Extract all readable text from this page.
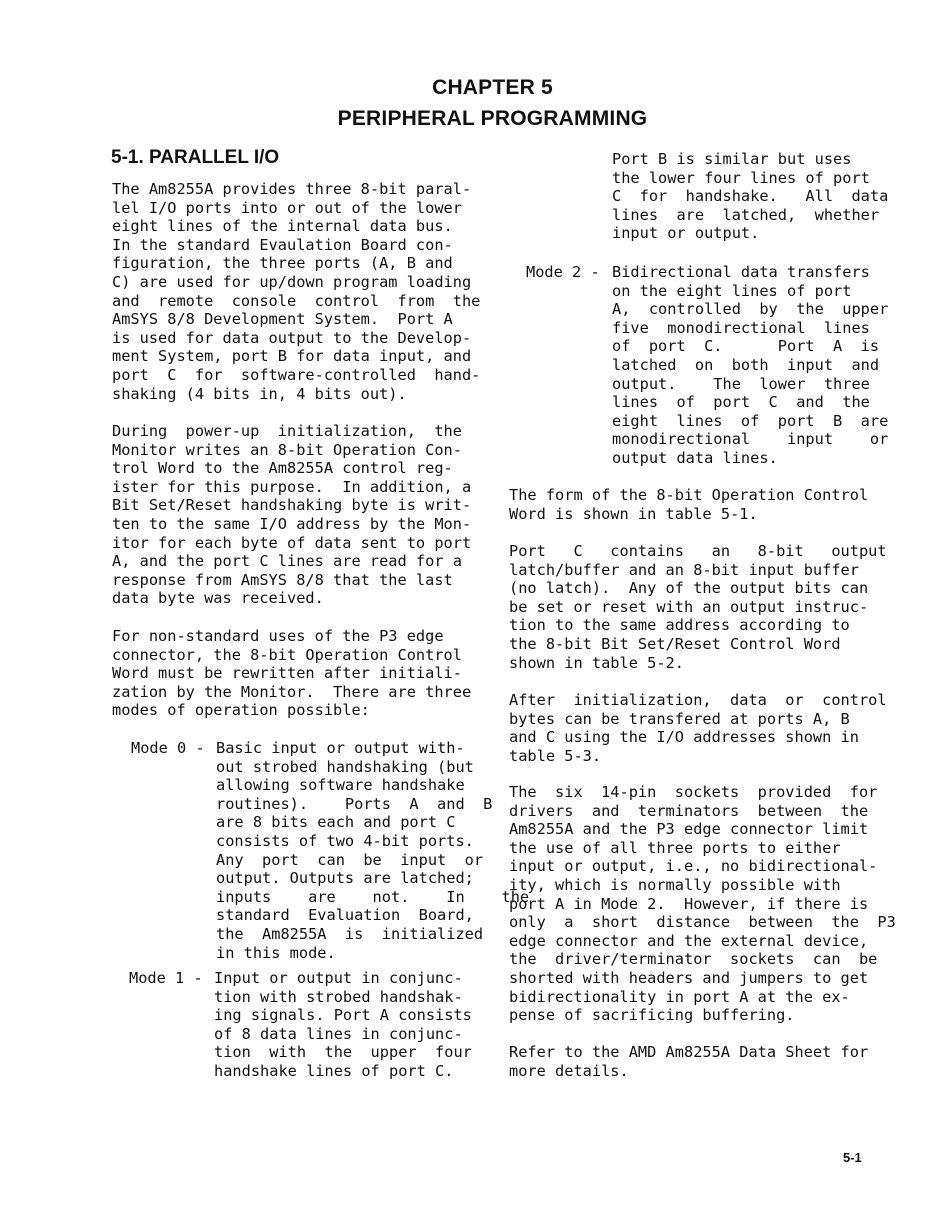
CHAPTER 5
PERIPHERAL PROGRAMMING
5-1. PARALLEL I/O
The Am8255A provides three 8-bit paral-
lel I/O ports into or out of the lower
eight lines of the internal data bus.
In the standard Evaulation Board con-
figuration, the three ports (A, B and
C) are used for up/down program loading
and  remote  console  control  from  the
AmSYS 8/8 Development System.  Port A
is used for data output to the Develop-
ment System, port B for data input, and
port  C  for  software-controlled  hand-
shaking (4 bits in, 4 bits out).
During  power-up  initialization,  the
Monitor writes an 8-bit Operation Con-
trol Word to the Am8255A control reg-
ister for this purpose.  In addition, a
Bit Set/Reset handshaking byte is writ-
ten to the same I/O address by the Mon-
itor for each byte of data sent to port
A, and the port C lines are read for a
response from AmSYS 8/8 that the last
data byte was received.
For non-standard uses of the P3 edge
connector, the 8-bit Operation Control
Word must be rewritten after initiali-
zation by the Monitor.  There are three
modes of operation possible:
Mode 0 - Basic input or output with-
out strobed handshaking (but
allowing software handshake
routines).    Ports  A  and  B
are 8 bits each and port C
consists of two 4-bit ports.
Any  port  can  be  input  or
output. Outputs are latched;
inputs    are    not.    In    the
standard  Evaluation  Board,
the  Am8255A  is  initialized
in this mode.
Mode 1 - Input or output in conjunc-
tion with strobed handshak-
ing signals. Port A consists
of 8 data lines in conjunc-
tion  with  the  upper  four
handshake lines of port C.
Port B is similar but uses
the lower four lines of port
C  for  handshake.   All  data
lines  are  latched,  whether
input or output.
Mode 2 - Bidirectional data transfers
on the eight lines of port
A,  controlled  by  the  upper
five  monodirectional  lines
of  port  C.      Port  A  is
latched  on  both  input  and
output.    The  lower  three
lines  of  port  C  and  the
eight  lines  of  port  B  are
monodirectional    input    or
output data lines.
The form of the 8-bit Operation Control
Word is shown in table 5-1.
Port   C   contains   an   8-bit   output
latch/buffer and an 8-bit input buffer
(no latch).  Any of the output bits can
be set or reset with an output instruc-
tion to the same address according to
the 8-bit Bit Set/Reset Control Word
shown in table 5-2.
After  initialization,  data  or  control
bytes can be transfered at ports A, B
and C using the I/O addresses shown in
table 5-3.
The  six  14-pin  sockets  provided  for
drivers  and  terminators  between  the
Am8255A and the P3 edge connector limit
the use of all three ports to either
input or output, i.e., no bidirectional-
ity, which is normally possible with
port A in Mode 2.  However, if there is
only  a  short  distance  between  the  P3
edge connector and the external device,
the  driver/terminator  sockets  can  be
shorted with headers and jumpers to get
bidirectionality in port A at the ex-
pense of sacrificing buffering.
Refer to the AMD Am8255A Data Sheet for
more details.
5-1
